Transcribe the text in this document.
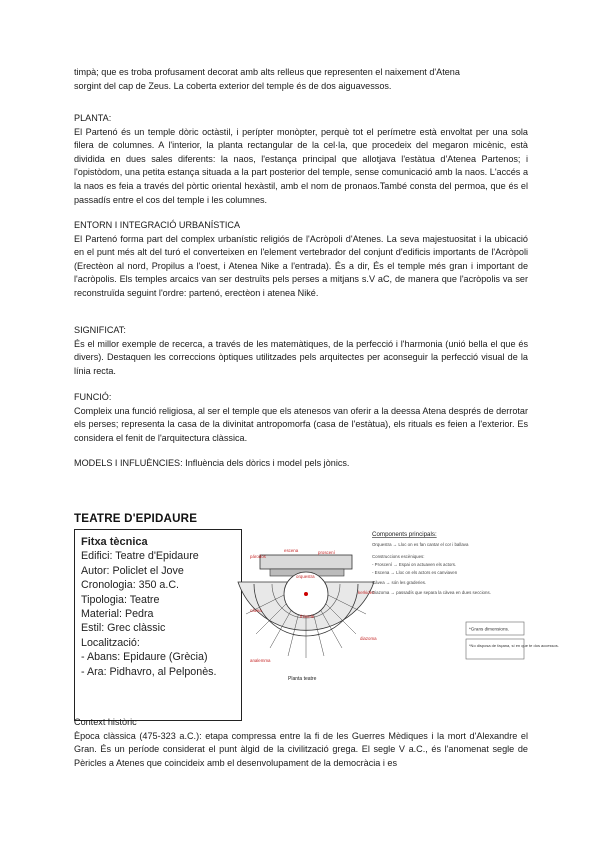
timpà; que es troba profusament decorat amb alts relleus que representen el naixement d'Atena

sorgint del cap de Zeus. La coberta exterior del temple és de dos aiguavessos.

PLANTA:

El Partenó és un temple dòric octàstil, i perípter monòpter, perquè tot el perímetre està envoltat per una sola filera de columnes. A l'interior, la planta rectangular de la cel·la, que procedeix del megaron micènic, està dividida en dues sales diferents: la naos, l'estança principal que allotjava l'estàtua d'Atenea Partenos; i l'opistòdom, una petita estança situada a la part posterior del temple, sense comunicació amb la naos. L'accés a la naos es feia a través del pòrtic oriental hexàstil, amb el nom de pronaos.També consta del permoa, que és el passadís entre el cos del temple i les columnes.

ENTORN I INTEGRACIÓ URBANÍSTICA

El Partenó forma part del complex urbanístic religiós de l'Acròpoli d'Atenes. La seva majestuositat i la ubicació en el punt més alt del turó el converteixen en l'element vertebrador del conjunt d'edificis importants de l'Acròpoli (Erectèon al nord, Propilus a l'oest, i Atenea Nike a l'entrada). És a dir, És el temple més gran i important de l'acròpolis. Els temples arcaics van ser destruïts pels perses a mitjans s.V aC, de manera que l'acròpolis va ser reconstruïda seguint l'ordre: partenó, erectèon i atenea Niké.

SIGNIFICAT:

És el millor exemple de recerca, a través de les matemàtiques, de la perfecció i l'harmonia (unió bella el que és divers). Destaquen les correccions òptiques utilitzades pels arquitectes per aconseguir la perfecció visual de la línia recta.

FUNCIÓ:

Compleix una funció religiosa, al ser el temple que els atenesos van oferir a la deessa Atena després de derrotar els perses; representa la casa de la divinitat antropomorfa (casa de l'estàtua), els rituals es feien a l'exterior. Es considera el fenit de l'arquitectura clàssica.

MODELS I INFLUÈNCIES: Influència dels dòrics i model pels jònics.

TEATRE D'EPIDAURE
Fitxa tècnica
Edifici: Teatre d'Epidaure
Autor: Policlet el Jove
Cronologia: 350 a.C.
Tipologia: Teatre
Material: Pedra
Estil: Grec clàssic
Localització:
- Abans: Epidaure (Grècia)
- Ara: Pidhavro, al Pelponès.
escena	proscení
orquestra
párodos
kerkides
diazoma
càvea
thimele
analemma
Planta teatre
Components principals:
Orquestra → Lloc on es fan cantar el cor i ballava
Construccions escèniques:
- Proscení → Espai on actuaven els actors.
- Escena → Lloc on els actors es canviaven
Càvea → són les graderies.
Diazoma → passadís que separa la càvea en dues seccions.
*Grans dimensions.
*No disposa de façana, sí en que te dos accessos.

Context històric

Època clàssica (475-323 a.C.): etapa compressa entre la fi de les Guerres Mèdiques i la mort d'Alexandre el Gran. És un període considerat el punt àlgid de la civilització grega. El segle V a.C., és l'anomenat segle de Pèricles a Atenes que coincideix amb el desenvolupament de la democràcia i es
